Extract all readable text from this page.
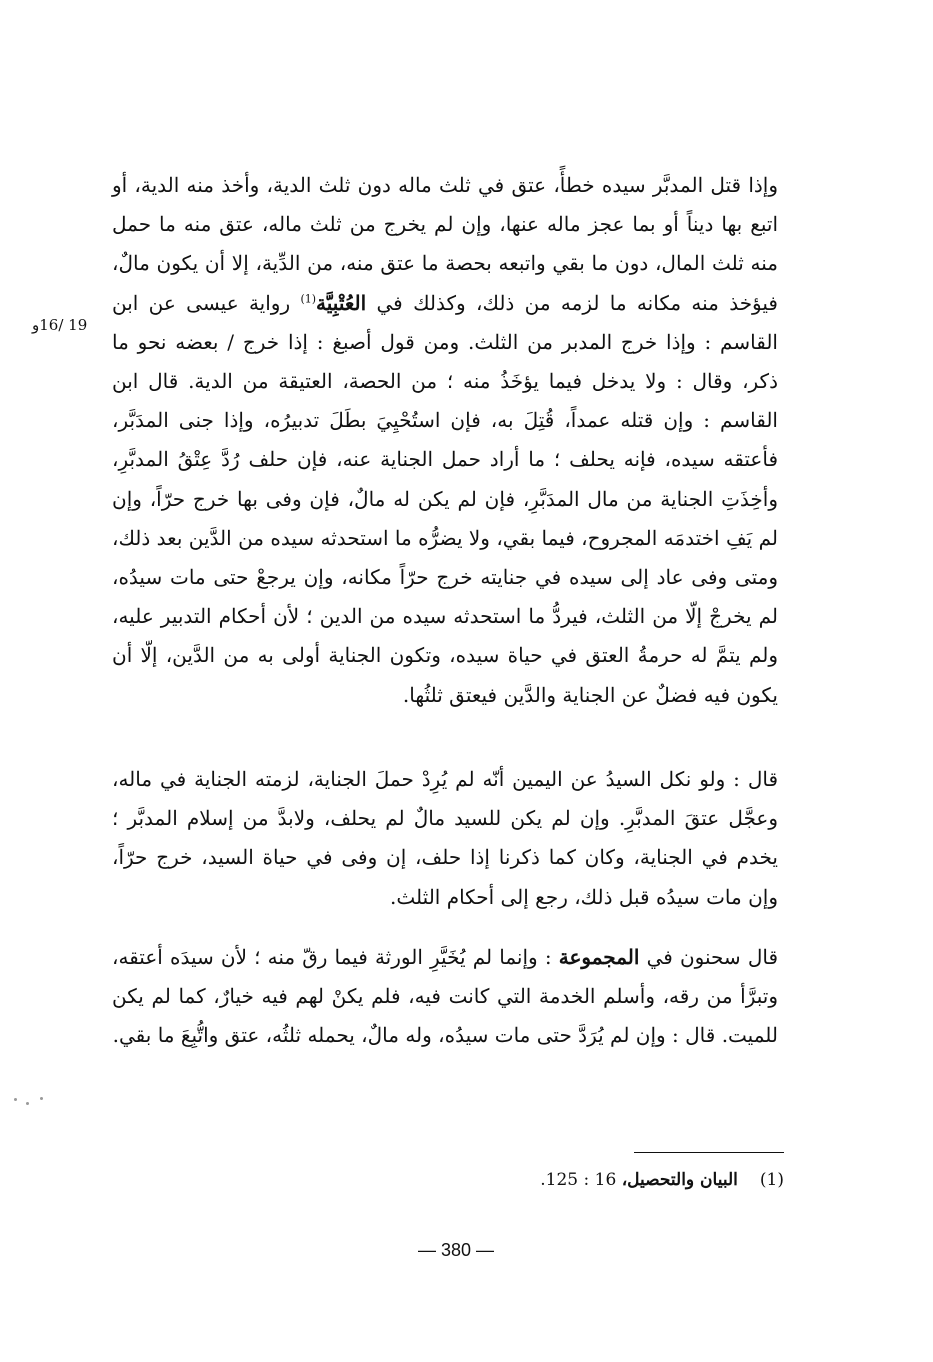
19 /16و

وإذا قتل المدبَّر سيده خطأً، عتق في ثلث ماله دون ثلث الدية، وأخذ منه الدية، أو اتبع بها ديناً أو بما عجز ماله عنها، وإن لم يخرج من ثلث ماله، عتق منه ما حمل منه ثلث المال، دون ما بقي واتبعه بحصة ما عتق منه، من الدِّية، إلا أن يكون مالٌ، فيؤخذ منه مكانه ما لزمه من ذلك، وكذلك في العُتْبِيَّة$^{(1)}$ رواية عيسى عن ابن القاسم : وإذا خرج المدبر من الثلث. ومن قول أصبغ : إذا خرج / بعضه نحو ما ذكر، وقال : ولا يدخل فيما يؤخَذُ منه ؛ من الحصة، العتيقة من الدية. قال ابن القاسم : وإن قتله عمداً، قُتِلَ به، فإن استُحْيِيَ بطَلَ تدبيرُه، وإذا جنى المدَبَّر، فأعتقه سيده، فإنه يحلف ؛ ما أراد حمل الجناية عنه، فإن حلف رُدَّ عِتْقُ المدبَّرِ، وأخِذَتِ الجناية من مال المدَبَّرِ، فإن لم يكن له مالٌ، فإن وفى بها خرج حرّاً، وإن لم يَفِ اختدمَه المجروح، فيما بقي، ولا يضرُّه ما استحدثه سيده من الدَّين بعد ذلك، ومتى وفى عاد إلى سيده في جنايته خرج حرّاً مكانه، وإن يرجعْ حتى مات سيدُه، لم يخرجْ إلّا من الثلث، فيردُّ ما استحدثه سيده من الدين ؛ لأن أحكام التدبير عليه، ولم يتمَّ له حرمةُ العتق في حياة سيده، وتكون الجناية أولى به من الدَّين، إلّا أن يكون فيه فضلٌ عن الجناية والدَّين فيعتق ثلثُها.

قال : ولو نكل السيدُ عن اليمين أنّه لم يُرِدْ حملَ الجناية، لزمته الجناية في ماله، وعجَّل عتقَ المدبَّرِ. وإن لم يكن للسيد مالٌ لم يحلف، ولابدَّ من إسلام المدبَّر ؛ يخدم في الجناية، وكان كما ذكرنا إذا حلف، إن وفى في حياة السيد، خرج حرّاً، وإن مات سيدُه قبل ذلك، رجع إلى أحكام الثلث.

قال سحنون في المجموعة : وإنما لم يُخَيَّرِ الورثة فيما رقّ منه ؛ لأن سيدَه أعتقه، وتبرَّأ من رقه، وأسلم الخدمة التي كانت فيه، فلم يكنْ لهم فيه خيارٌ، كما لم يكن للميت. قال : وإن لم يُرَدَّ حتى مات سيدُه، وله مالٌ، يحمله ثلثُه، عتق واتُّبِعَ ما بقي.

(1)البيان والتحصيل، 16 : 125.
— 380 —
